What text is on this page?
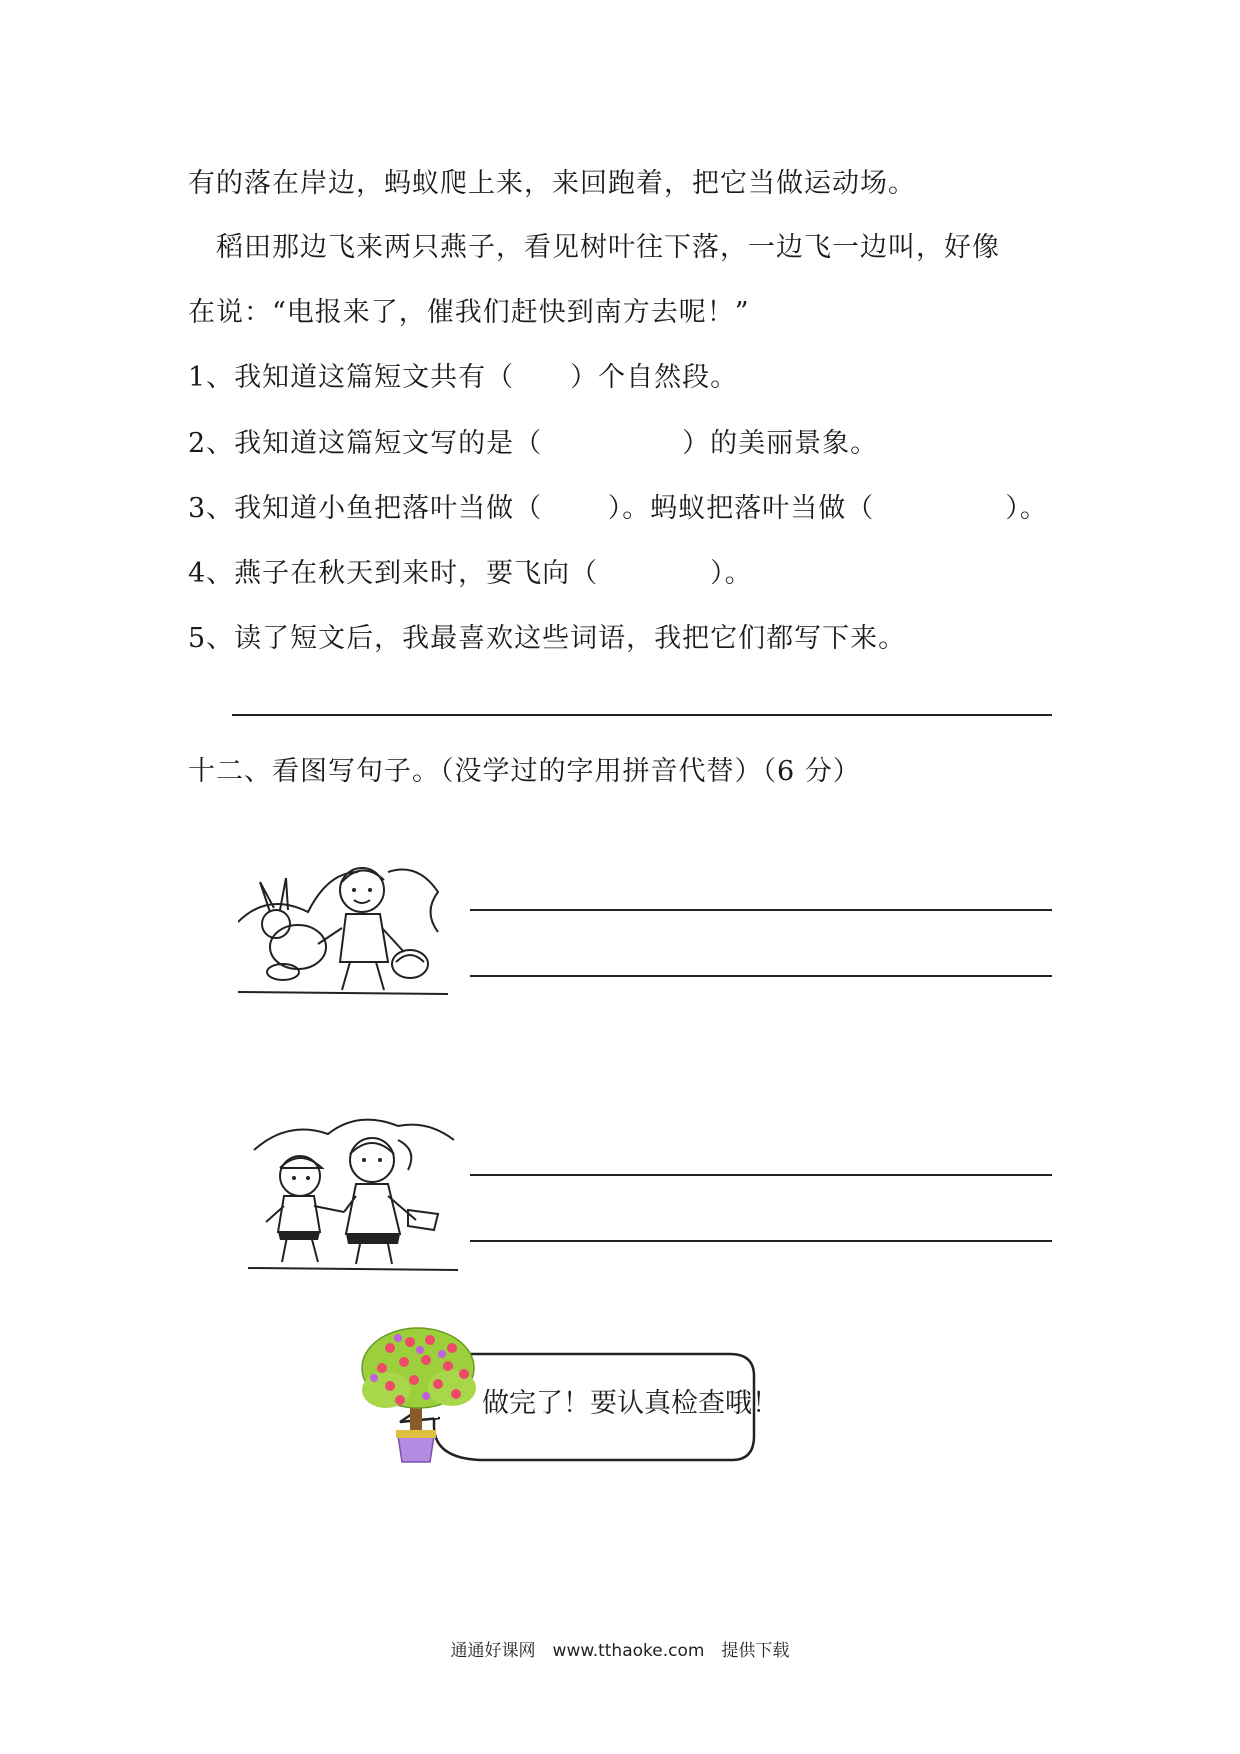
有的落在岸边，蚂蚁爬上来，来回跑着，把它当做运动场。
　稻田那边飞来两只燕子，看见树叶往下落，一边飞一边叫，好像
在说：“电报来了，催我们赶快到南方去呢！”
1、我知道这篇短文共有（　　）个自然段。
2、我知道这篇短文写的是（　　　　　）的美丽景象。
3、我知道小鱼把落叶当做（　　 ）。蚂蚁把落叶当做（　　　　  ）。
4、燕子在秋天到来时，要飞向（　　　　）。
5、读了短文后，我最喜欢这些词语，我把它们都写下来。
十二、看图写句子。（没学过的字用拼音代替）（6 分）
做完了！要认真检查哦！
通通好课网　www.tthaoke.com　提供下载
